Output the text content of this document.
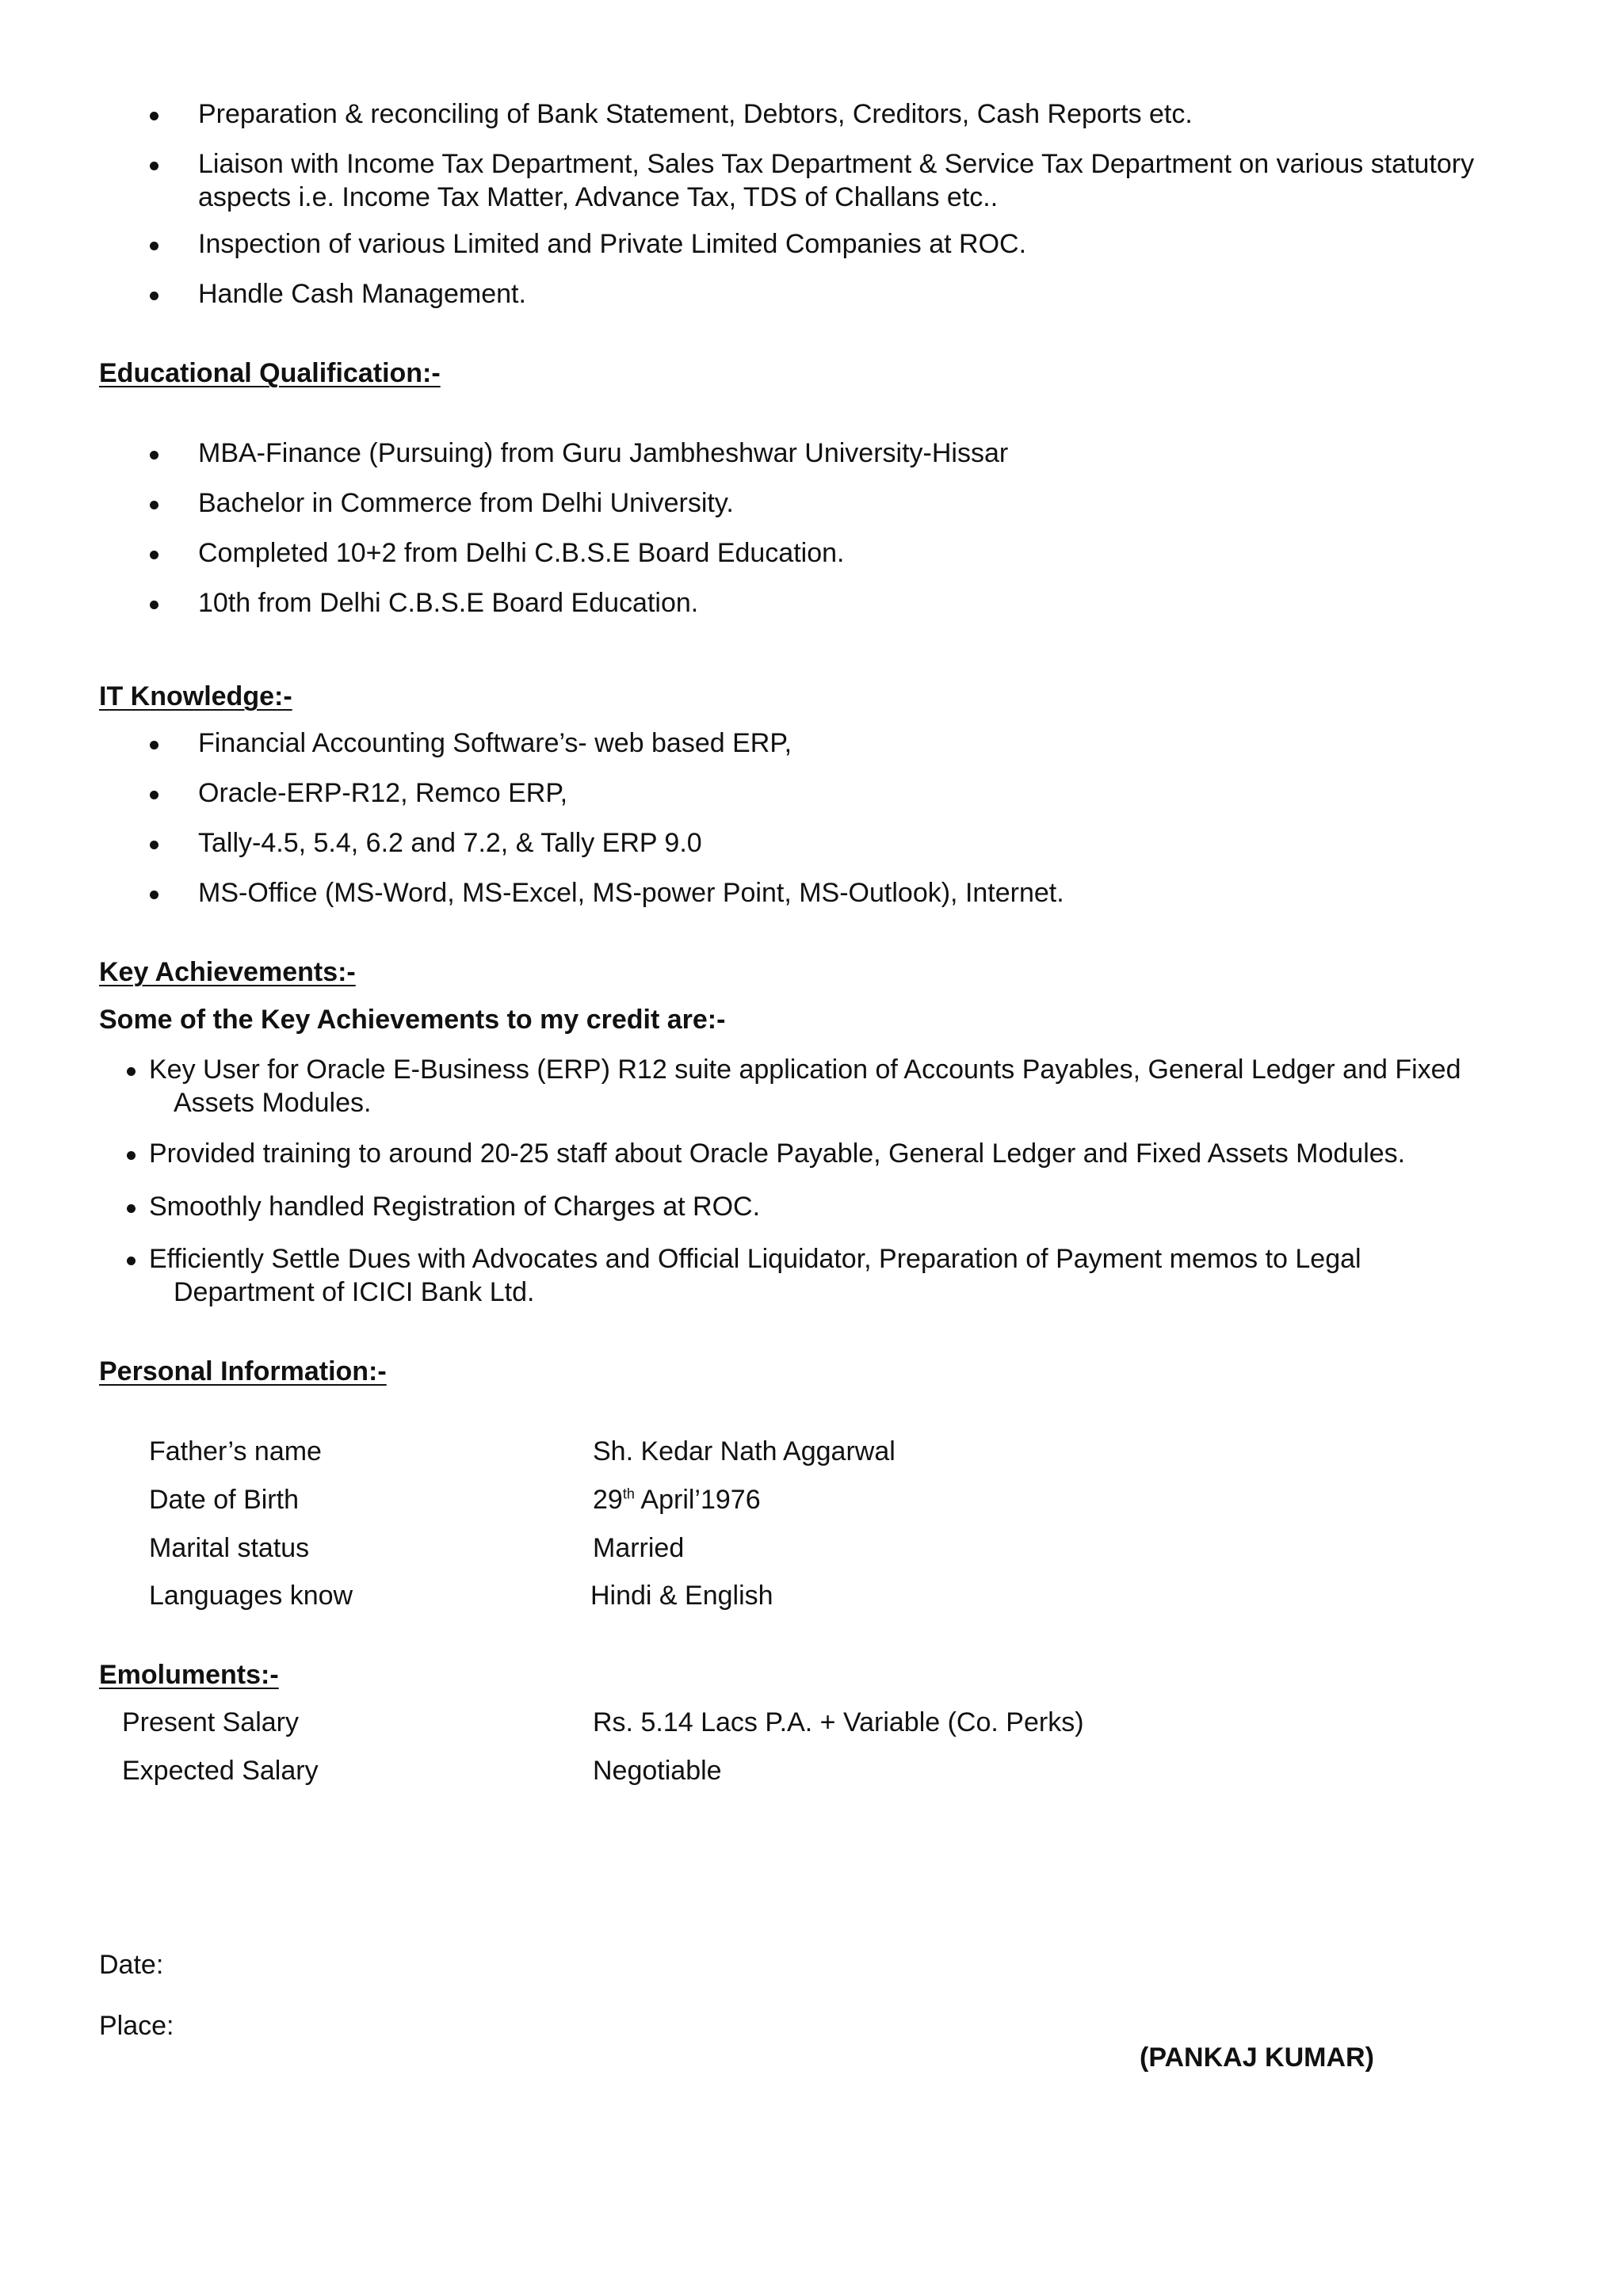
Preparation & reconciling of Bank Statement, Debtors, Creditors, Cash Reports etc.
Liaison with Income Tax Department, Sales Tax Department & Service Tax Department on various statutory
aspects i.e. Income Tax Matter, Advance Tax, TDS of Challans etc..
Inspection of various Limited and Private Limited Companies at ROC.
Handle Cash Management.
Educational Qualification:-
MBA-Finance (Pursuing) from Guru Jambheshwar University-Hissar
Bachelor in Commerce from Delhi University.
Completed 10+2 from Delhi C.B.S.E Board Education.
10th from Delhi C.B.S.E Board Education.
IT Knowledge:-
Financial Accounting Software’s- web based ERP,
Oracle-ERP-R12, Remco ERP,
Tally-4.5, 5.4, 6.2 and 7.2, & Tally ERP 9.0
MS-Office (MS-Word, MS-Excel, MS-power Point, MS-Outlook), Internet.
Key Achievements:-
Some of the Key Achievements to my credit are:-
Key User for Oracle E-Business (ERP) R12 suite application of Accounts Payables, General Ledger and Fixed
Assets Modules.
Provided training to around 20-25 staff about Oracle Payable, General Ledger and Fixed Assets Modules.
Smoothly handled Registration of Charges at ROC.
Efficiently Settle Dues with Advocates and Official Liquidator, Preparation of Payment memos to Legal
Department of ICICI Bank Ltd.
Personal Information:-
Father’s name	Sh. Kedar Nath Aggarwal
Date of Birth	29th April’1976
Marital status	Married
Languages know	Hindi & English
Emoluments:-
Present Salary	Rs. 5.14 Lacs P.A. + Variable (Co. Perks)
Expected Salary	Negotiable
Date:
Place:
(PANKAJ KUMAR)
